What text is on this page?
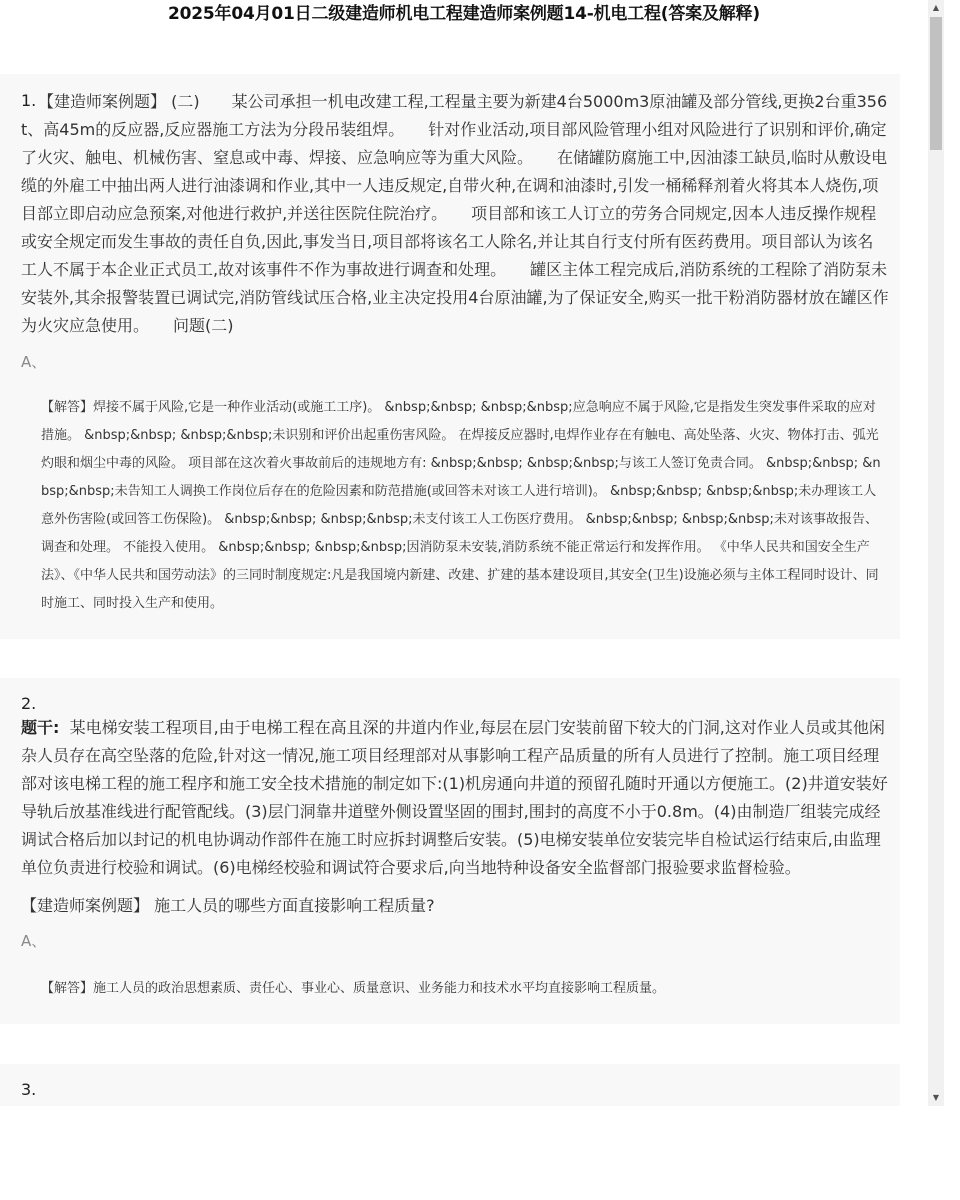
2025年04月01日二级建造师机电工程建造师案例题14-机电工程(答案及解释)
1. 【建造师案例题】 (二)　　某公司承担一机电改建工程,工程量主要为新建4台5000m3原油罐及部分管线,更换2台重356t、高45m的反应器,反应器施工方法为分段吊装组焊。　　针对作业活动,项目部风险管理小组对风险进行了识别和评价,确定了火灾、触电、机械伤害、窒息或中毒、焊接、应急响应等为重大风险。　　在储罐防腐施工中,因油漆工缺员,临时从敷设电缆的外雇工中抽出两人进行油漆调和作业,其中一人违反规定,自带火种,在调和油漆时,引发一桶稀释剂着火将其本人烧伤,项目部立即启动应急预案,对他进行救护,并送往医院住院治疗。　　项目部和该工人订立的劳务合同规定,因本人违反操作规程或安全规定而发生事故的责任自负,因此,事发当日,项目部将该名工人除名,并让其自行支付所有医药费用。项目部认为该名工人不属于本企业正式员工,故对该事件不作为事故进行调查和处理。　　罐区主体工程完成后,消防系统的工程除了消防泵未安装外,其余报警装置已调试完,消防管线试压合格,业主决定投用4台原油罐,为了保证安全,购买一批干粉消防器材放在罐区作为火灾应急使用。　　问题(二)

A、

【解答】焊接不属于风险,它是一种作业活动(或施工工序)。 &nbsp;&nbsp; &nbsp;&nbsp;应急响应不属于风险,它是指发生突发事件采取的应对措施。 &nbsp;&nbsp; &nbsp;&nbsp;未识别和评价出起重伤害风险。 在焊接反应器时,电焊作业存在有触电、高处坠落、火灾、物体打击、弧光灼眼和烟尘中毒的风险。 项目部在这次着火事故前后的违规地方有: &nbsp;&nbsp; &nbsp;&nbsp;与该工人签订免责合同。 &nbsp;&nbsp; &nbsp;&nbsp;未告知工人调换工作岗位后存在的危险因素和防范措施(或回答未对该工人进行培训)。 &nbsp;&nbsp; &nbsp;&nbsp;未办理该工人意外伤害险(或回答工伤保险)。 &nbsp;&nbsp; &nbsp;&nbsp;未支付该工人工伤医疗费用。 &nbsp;&nbsp; &nbsp;&nbsp;未对该事故报告、调查和处理。 不能投入使用。 &nbsp;&nbsp; &nbsp;&nbsp;因消防泵未安装,消防系统不能正常运行和发挥作用。 《中华人民共和国安全生产法》、《中华人民共和国劳动法》的三同时制度规定:凡是我国境内新建、改建、扩建的基本建设项目,其安全(卫生)设施必须与主体工程同时设计、同时施工、同时投入生产和使用。

2.

题干: 某电梯安装工程项目,由于电梯工程在高且深的井道内作业,每层在层门安装前留下较大的门洞,这对作业人员或其他闲杂人员存在高空坠落的危险,针对这一情况,施工项目经理部对从事影响工程产品质量的所有人员进行了控制。施工项目经理部对该电梯工程的施工程序和施工安全技术措施的制定如下:(1)机房通向井道的预留孔随时开通以方便施工。(2)井道安装好导轨后放基准线进行配管配线。(3)层门洞靠井道壁外侧设置坚固的围封,围封的高度不小于0.8m。(4)由制造厂组装完成经调试合格后加以封记的机电协调动作部件在施工时应拆封调整后安装。(5)电梯安装单位安装完毕自检试运行结束后,由监理单位负责进行校验和调试。(6)电梯经校验和调试符合要求后,向当地特种设备安全监督部门报验要求监督检验。

【建造师案例题】 施工人员的哪些方面直接影响工程质量?

A、

【解答】施工人员的政治思想素质、责任心、事业心、质量意识、业务能力和技术水平均直接影响工程质量。

3.
▲
▼
